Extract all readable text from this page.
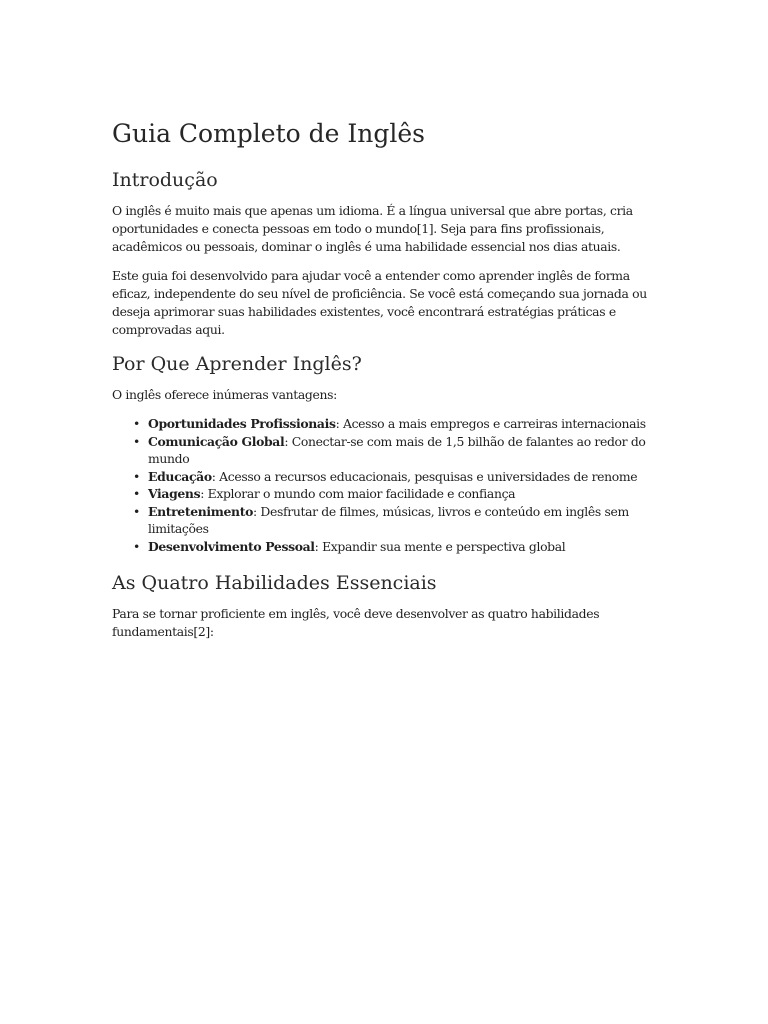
Guia Completo de Inglês
Introdução

O inglês é muito mais que apenas um idioma. É a língua universal que abre portas, cria oportunidades e conecta pessoas em todo o mundo[1]. Seja para fins profissionais, acadêmicos ou pessoais, dominar o inglês é uma habilidade essencial nos dias atuais.

Este guia foi desenvolvido para ajudar você a entender como aprender inglês de forma eficaz, independente do seu nível de proficiência. Se você está começando sua jornada ou deseja aprimorar suas habilidades existentes, você encontrará estratégias práticas e comprovadas aqui.

Por Que Aprender Inglês?

O inglês oferece inúmeras vantagens:

• Oportunidades Profissionais: Acesso a mais empregos e carreiras internacionais
• Comunicação Global: Conectar-se com mais de 1,5 bilhão de falantes ao redor do mundo
• Educação: Acesso a recursos educacionais, pesquisas e universidades de renome
• Viagens: Explorar o mundo com maior facilidade e confiança
• Entretenimento: Desfrutar de filmes, músicas, livros e conteúdo em inglês sem limitações
• Desenvolvimento Pessoal: Expandir sua mente e perspectiva global
As Quatro Habilidades Essenciais

Para se tornar proficiente em inglês, você deve desenvolver as quatro habilidades fundamentais[2]:
